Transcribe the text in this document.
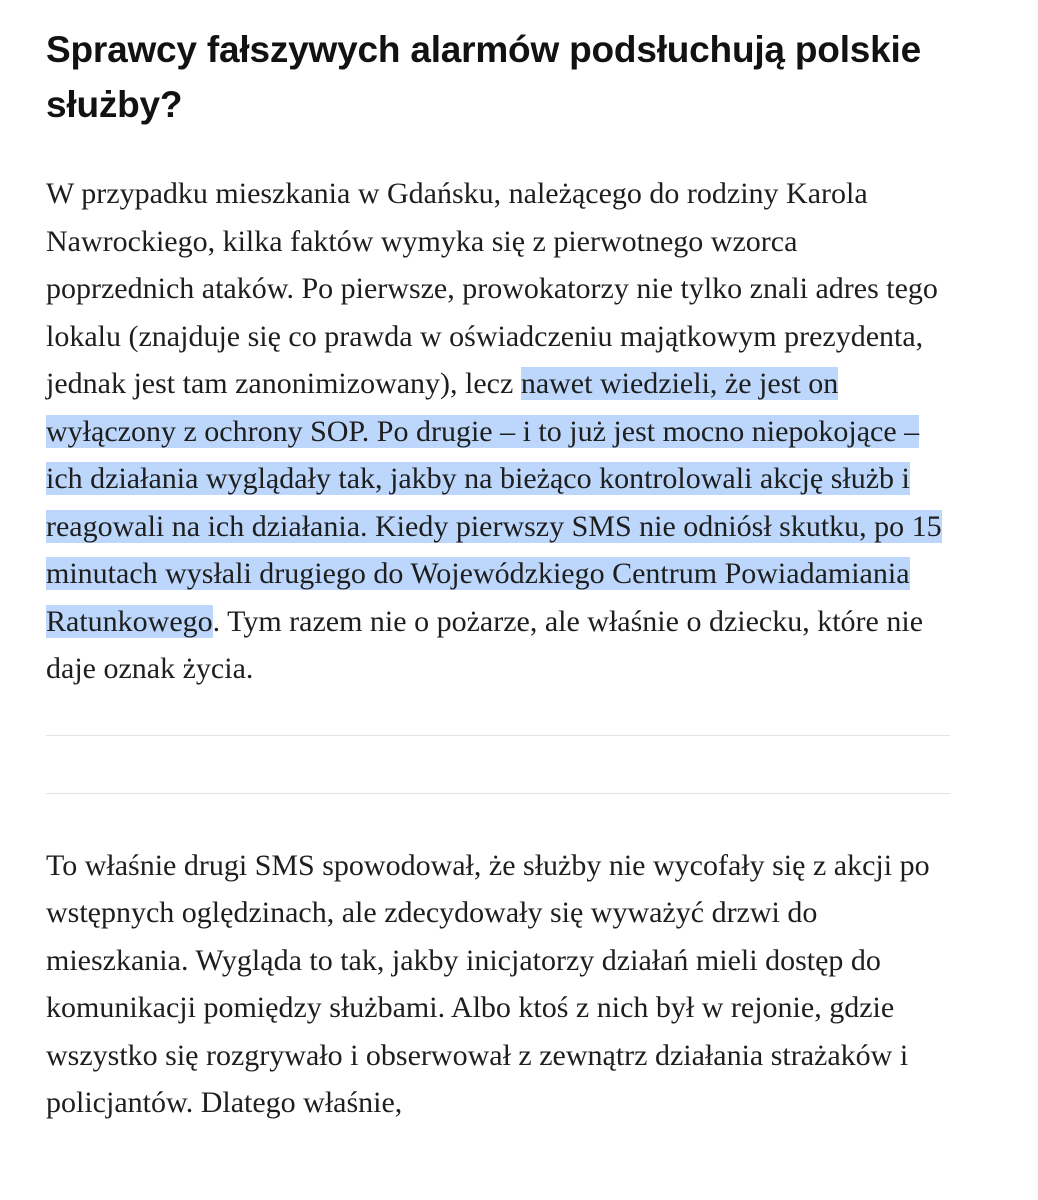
Sprawcy fałszywych alarmów podsłuchują polskie służby?

W przypadku mieszkania w Gdańsku, należącego do rodziny Karola Nawrockiego, kilka faktów wymyka się z pierwotnego wzorca poprzednich ataków. Po pierwsze, prowokatorzy nie tylko znali adres tego lokalu (znajduje się co prawda w oświadczeniu majątkowym prezydenta, jednak jest tam zanonimizowany), lecz nawet wiedzieli, że jest on wyłączony z ochrony SOP. Po drugie – i to już jest mocno niepokojące – ich działania wyglądały tak, jakby na bieżąco kontrolowali akcję służb i reagowali na ich działania. Kiedy pierwszy SMS nie odniósł skutku, po 15 minutach wysłali drugiego do Wojewódzkiego Centrum Powiadamiania Ratunkowego. Tym razem nie o pożarze, ale właśnie o dziecku, które nie daje oznak życia.

To właśnie drugi SMS spowodował, że służby nie wycofały się z akcji po wstępnych oględzinach, ale zdecydowały się wyważyć drzwi do mieszkania. Wygląda to tak, jakby inicjatorzy działań mieli dostęp do komunikacji pomiędzy służbami. Albo ktoś z nich był w rejonie, gdzie wszystko się rozgrywało i obserwował z zewnątrz działania strażaków i policjantów. Dlatego właśnie,
